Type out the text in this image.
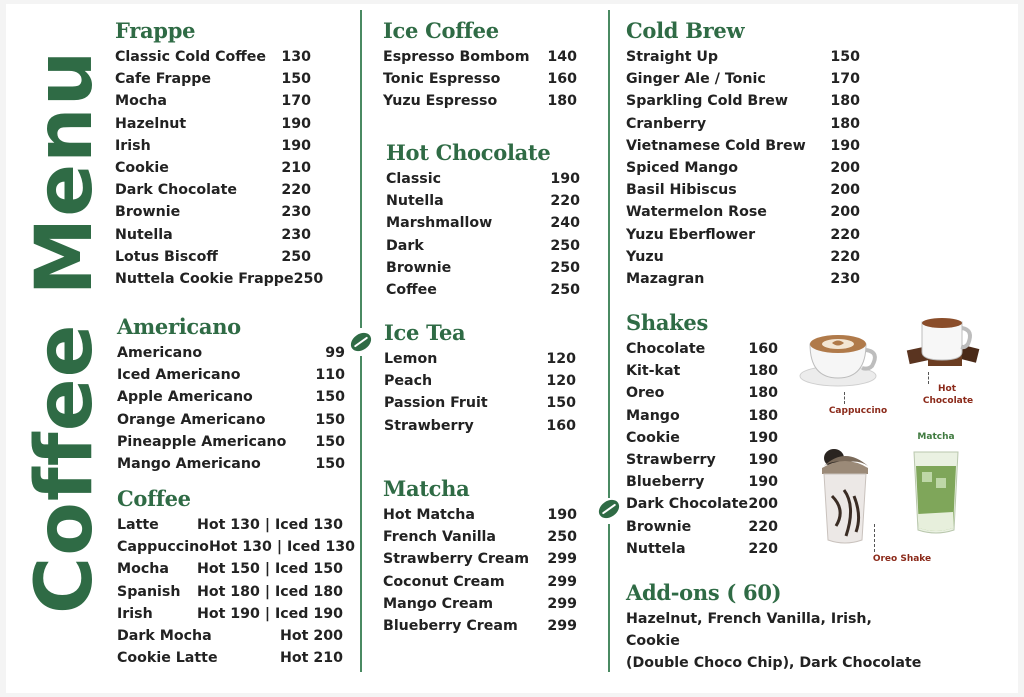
Coffee Menu
Frappe
Classic Cold Coffee 130
Cafe Frappe	150
Mocha	170
Hazelnut	190
Irish	190
Cookie	210
Dark Chocolate	220
Brownie	230
Nutella	230
Lotus Biscoff	250
Nuttela Cookie Frappe 250
Americano
Americano	99
Iced Americano	110
Apple Americano	150
Orange Americano	150
Pineapple Americano 150
Mango Americano	150
Coffee
Latte	Hot 130 | Iced 130
Cappuccino Hot 130 | Iced 130
Mocha Hot 150 | Iced 150
Spanish Hot 180 | Iced 180
Irish	Hot 190 | Iced 190
Dark Mocha	Hot 200
Cookie Latte	Hot 210
Ice Coffee
Espresso Bombom 140
Tonic Espresso	160
Yuzu Espresso	180
Hot Chocolate
Classic	190
Nutella	220
Marshmallow	240
Dark	250
Brownie	250
Coffee	250
Ice Tea
Lemon	120
Peach	120
Passion Fruit	150
Strawberry	160
Matcha
Hot Matcha	190
French Vanilla	250
Strawberry Cream 299
Coconut Cream	299
Mango Cream	299
Blueberry Cream 299
Cold Brew
Straight Up	150
Ginger Ale / Tonic	170
Sparkling Cold Brew	180
Cranberry	180
Vietnamese Cold Brew 190
Spiced Mango	200
Basil Hibiscus	200
Watermelon Rose	200
Yuzu Eberflower	220
Yuzu	220
Mazagran	230
Shakes
Chocolate	160
Kit-kat	180
Oreo	180
Mango	180
Cookie	190
Strawberry 190
Blueberry	190
Dark Chocolate 200
Brownie	220
Nuttela	220
Add-ons ( 60)
Hazelnut, French Vanilla, Irish, Cookie
(Double Choco Chip), Dark Chocolate
Cappuccino
Hot
Chocolate
Matcha
Oreo Shake
